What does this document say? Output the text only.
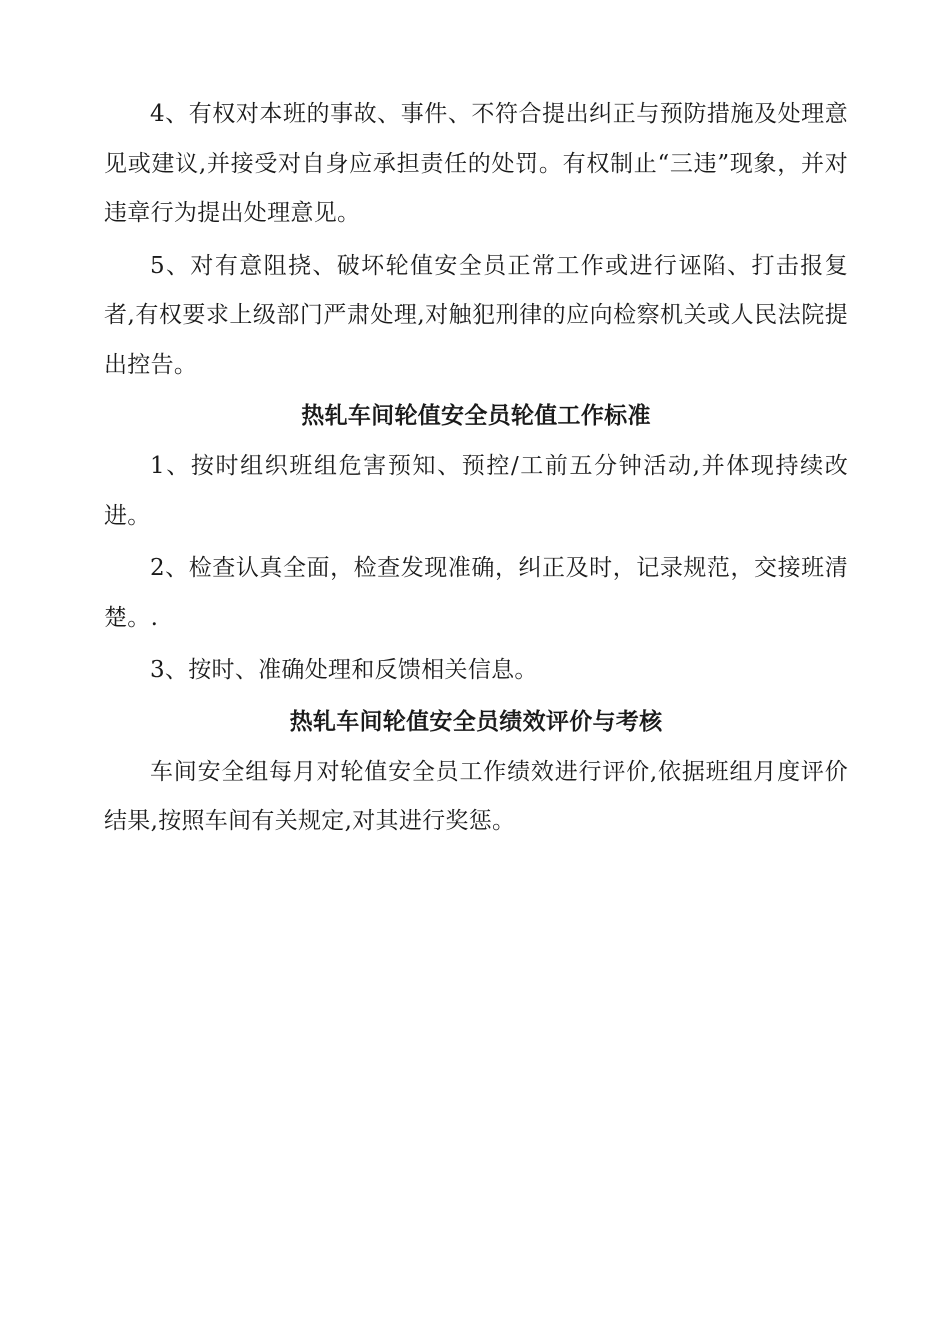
4、有权对本班的事故、事件、不符合提出纠正与预防措施及处理意见或建议,并接受对自身应承担责任的处罚。有权制止“三违”现象，并对违章行为提出处理意见。

5、对有意阻挠、破坏轮值安全员正常工作或进行诬陷、打击报复者,有权要求上级部门严肃处理,对触犯刑律的应向检察机关或人民法院提出控告。

热轧车间轮值安全员轮值工作标准

1、按时组织班组危害预知、预控/工前五分钟活动,并体现持续改进。

2、检查认真全面，检查发现准确，纠正及时，记录规范，交接班清楚。.

3、按时、准确处理和反馈相关信息。

热轧车间轮值安全员绩效评价与考核

车间安全组每月对轮值安全员工作绩效进行评价,依据班组月度评价结果,按照车间有关规定,对其进行奖惩。
